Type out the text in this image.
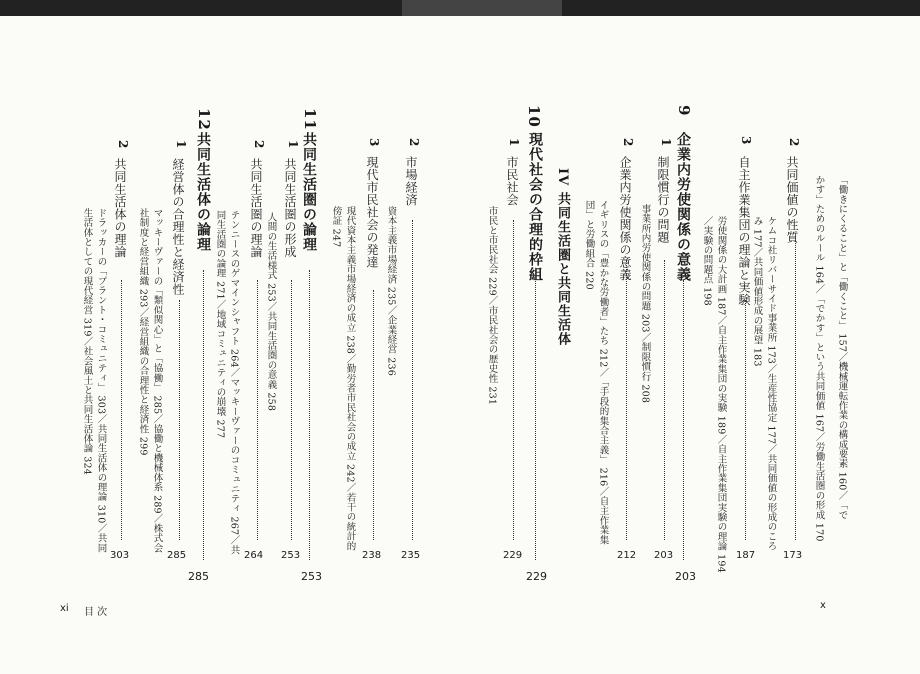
2
共同価値の性質
173
「働きにくること」と「働くこと」 157／機械運転作業の構成要素 160／「で
かす」ためのルール 164／「でかす」という共同価値 167／労働生活圏の形成 170
3
自主作業集団の理論と実験
187
ケムコ社リバーサイド事業所 173／生産性協定 177／共同価値の形成のころ
み 177／共同価値形成の展望 183
労使関係の大計画 187／自主作業集団の実験 189／自主作業集団実験の理論 194
／実験の問題点 198
9
企業内労使関係の意義
203
1
制限慣行の問題
203
事業所内労使関係の問題 203／制限慣行 208
2
企業内労使関係の意義
212
イギリスの「豊かな労働者」たち 212／「手段的集合主義」 216／自主作業集
団」と労働組合 220
IV
共同生活圏と共同生活体
10
現代社会の合理的枠組
229
1
市民社会
229
市民と市民社会 229／市民社会の歴史性 231
2
市場経済
235
資本主義市場経済 235／企業経営 236
3
現代市民社会の発達
238
現代資本主義市場経済の成立 238／勤労者市民社会の成立 242／若干の統計的
傍証 247
11
共同生活圏の論理
253
1
共同生活圏の形成
253
人間の生活様式 253／共同生活圏の意義 258
2
共同生活圏の理論
264
テンニースのゲマインシャフト 264／マッキーヴァーのコミュニティ 267／共
同生活圏の論理 271／地域コミュニティの崩壊 277
12
共同生活体の論理
285
1
経営体の合理性と経済性
285
マッキーヴァーの「類似関心」と「協働」 285／協働と機械体系 289／株式会
社制度と経営組織 293／経営組織の合理性と経済性 299
2
共同生活体の理論
303
ドラッカーの「プラント・コミュニティ」 303／共同生活体の理論 310／共同
生活体としての現代経営 319／社会風土と共同生活体論 324
xi 目 次
x
